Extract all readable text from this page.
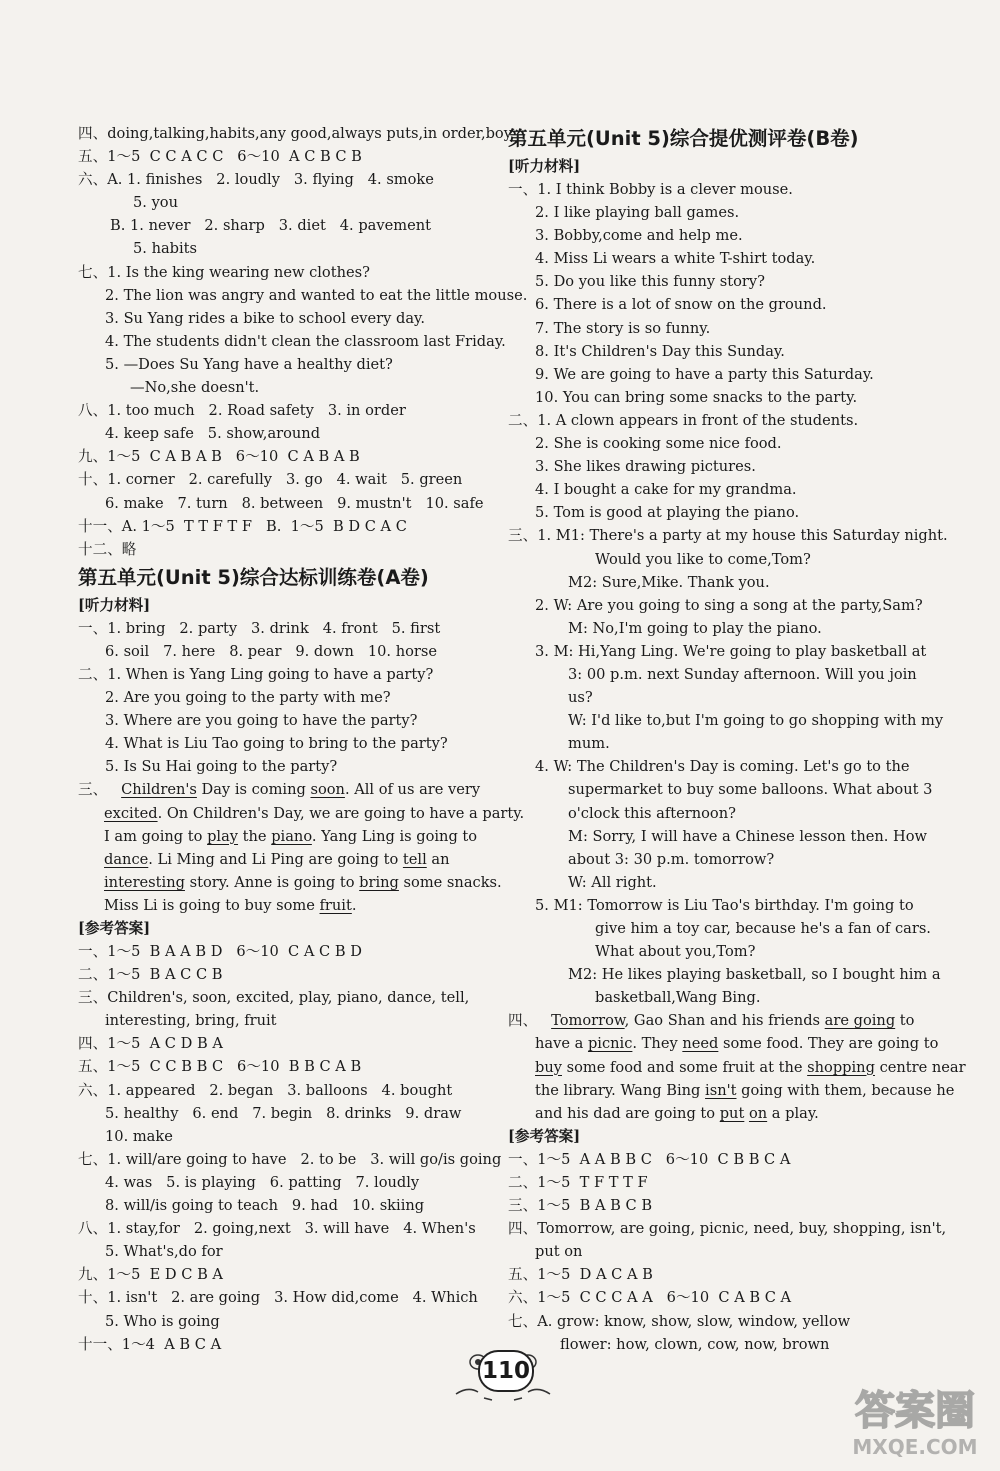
四、doing,talking,habits,any good,always puts,in order,boy
五、1～5  C C A C C   6～10  A C B C B
六、A. 1. finishes   2. loudly   3. flying   4. smoke
5. you
B. 1. never   2. sharp   3. diet   4. pavement
5. habits
七、1. Is the king wearing new clothes?
2. The lion was angry and wanted to eat the little mouse.
3. Su Yang rides a bike to school every day.
4. The students didn't clean the classroom last Friday.
5. —Does Su Yang have a healthy diet?
—No,she doesn't.
八、1. too much   2. Road safety   3. in order
4. keep safe   5. show,around
九、1～5  C A B A B   6～10  C A B A B
十、1. corner   2. carefully   3. go   4. wait   5. green
6. make   7. turn   8. between   9. mustn't   10. safe
十一、A. 1～5  T T F T F   B.  1～5  B D C A C
十二、略
第五单元(Unit 5)综合达标训练卷(A卷)
[听力材料]
一、1. bring   2. party   3. drink   4. front   5. first
6. soil   7. here   8. pear   9. down   10. horse
二、1. When is Yang Ling going to have a party?
2. Are you going to the party with me?
3. Where are you going to have the party?
4. What is Liu Tao going to bring to the party?
5. Is Su Hai going to the party?
三、 Children's Day is coming soon. All of us are very
excited. On Children's Day, we are going to have a party.
I am going to play the piano. Yang Ling is going to
dance. Li Ming and Li Ping are going to tell an
interesting story. Anne is going to bring some snacks.
Miss Li is going to buy some fruit.
[参考答案]
一、1～5  B A A B D   6～10  C A C B D
二、1～5  B A C C B
三、Children's, soon, excited, play, piano, dance, tell,
interesting, bring, fruit
四、1～5  A C D B A
五、1～5  C C B B C   6～10  B B C A B
六、1. appeared   2. began   3. balloons   4. bought
5. healthy   6. end   7. begin   8. drinks   9. draw
10. make
七、1. will/are going to have   2. to be   3. will go/is going
4. was   5. is playing   6. patting   7. loudly
8. will/is going to teach   9. had   10. skiing
八、1. stay,for   2. going,next   3. will have   4. When's
5. What's,do for
九、1～5  E D C B A
十、1. isn't   2. are going   3. How did,come   4. Which
5. Who is going
十一、1～4  A B C A
第五单元(Unit 5)综合提优测评卷(B卷)
[听力材料]
一、1. I think Bobby is a clever mouse.
2. I like playing ball games.
3. Bobby,come and help me.
4. Miss Li wears a white T-shirt today.
5. Do you like this funny story?
6. There is a lot of snow on the ground.
7. The story is so funny.
8. It's Children's Day this Sunday.
9. We are going to have a party this Saturday.
10. You can bring some snacks to the party.
二、1. A clown appears in front of the students.
2. She is cooking some nice food.
3. She likes drawing pictures.
4. I bought a cake for my grandma.
5. Tom is good at playing the piano.
三、1. M1: There's a party at my house this Saturday night.
Would you like to come,Tom?
M2: Sure,Mike. Thank you.
2. W: Are you going to sing a song at the party,Sam?
M: No,I'm going to play the piano.
3. M: Hi,Yang Ling. We're going to play basketball at
3: 00 p.m. next Sunday afternoon. Will you join
us?
W: I'd like to,but I'm going to go shopping with my
mum.
4. W: The Children's Day is coming. Let's go to the
supermarket to buy some balloons. What about 3
o'clock this afternoon?
M: Sorry, I will have a Chinese lesson then. How
about 3: 30 p.m. tomorrow?
W: All right.
5. M1: Tomorrow is Liu Tao's birthday. I'm going to
give him a toy car, because he's a fan of cars.
What about you,Tom?
M2: He likes playing basketball, so I bought him a
basketball,Wang Bing.
四、 Tomorrow, Gao Shan and his friends are going to
have a picnic. They need some food. They are going to
buy some food and some fruit at the shopping centre near
the library. Wang Bing isn't going with them, because he
and his dad are going to put on a play.
[参考答案]
一、1～5  A A B B C   6～10  C B B C A
二、1～5  T F T T F
三、1～5  B A B C B
四、Tomorrow, are going, picnic, need, buy, shopping, isn't,
put on
五、1～5  D A C A B
六、1～5  C C C A A   6～10  C A B C A
七、A. grow: know, show, slow, window, yellow
flower: how, clown, cow, now, brown
110
答案圈
MXQE.COM
